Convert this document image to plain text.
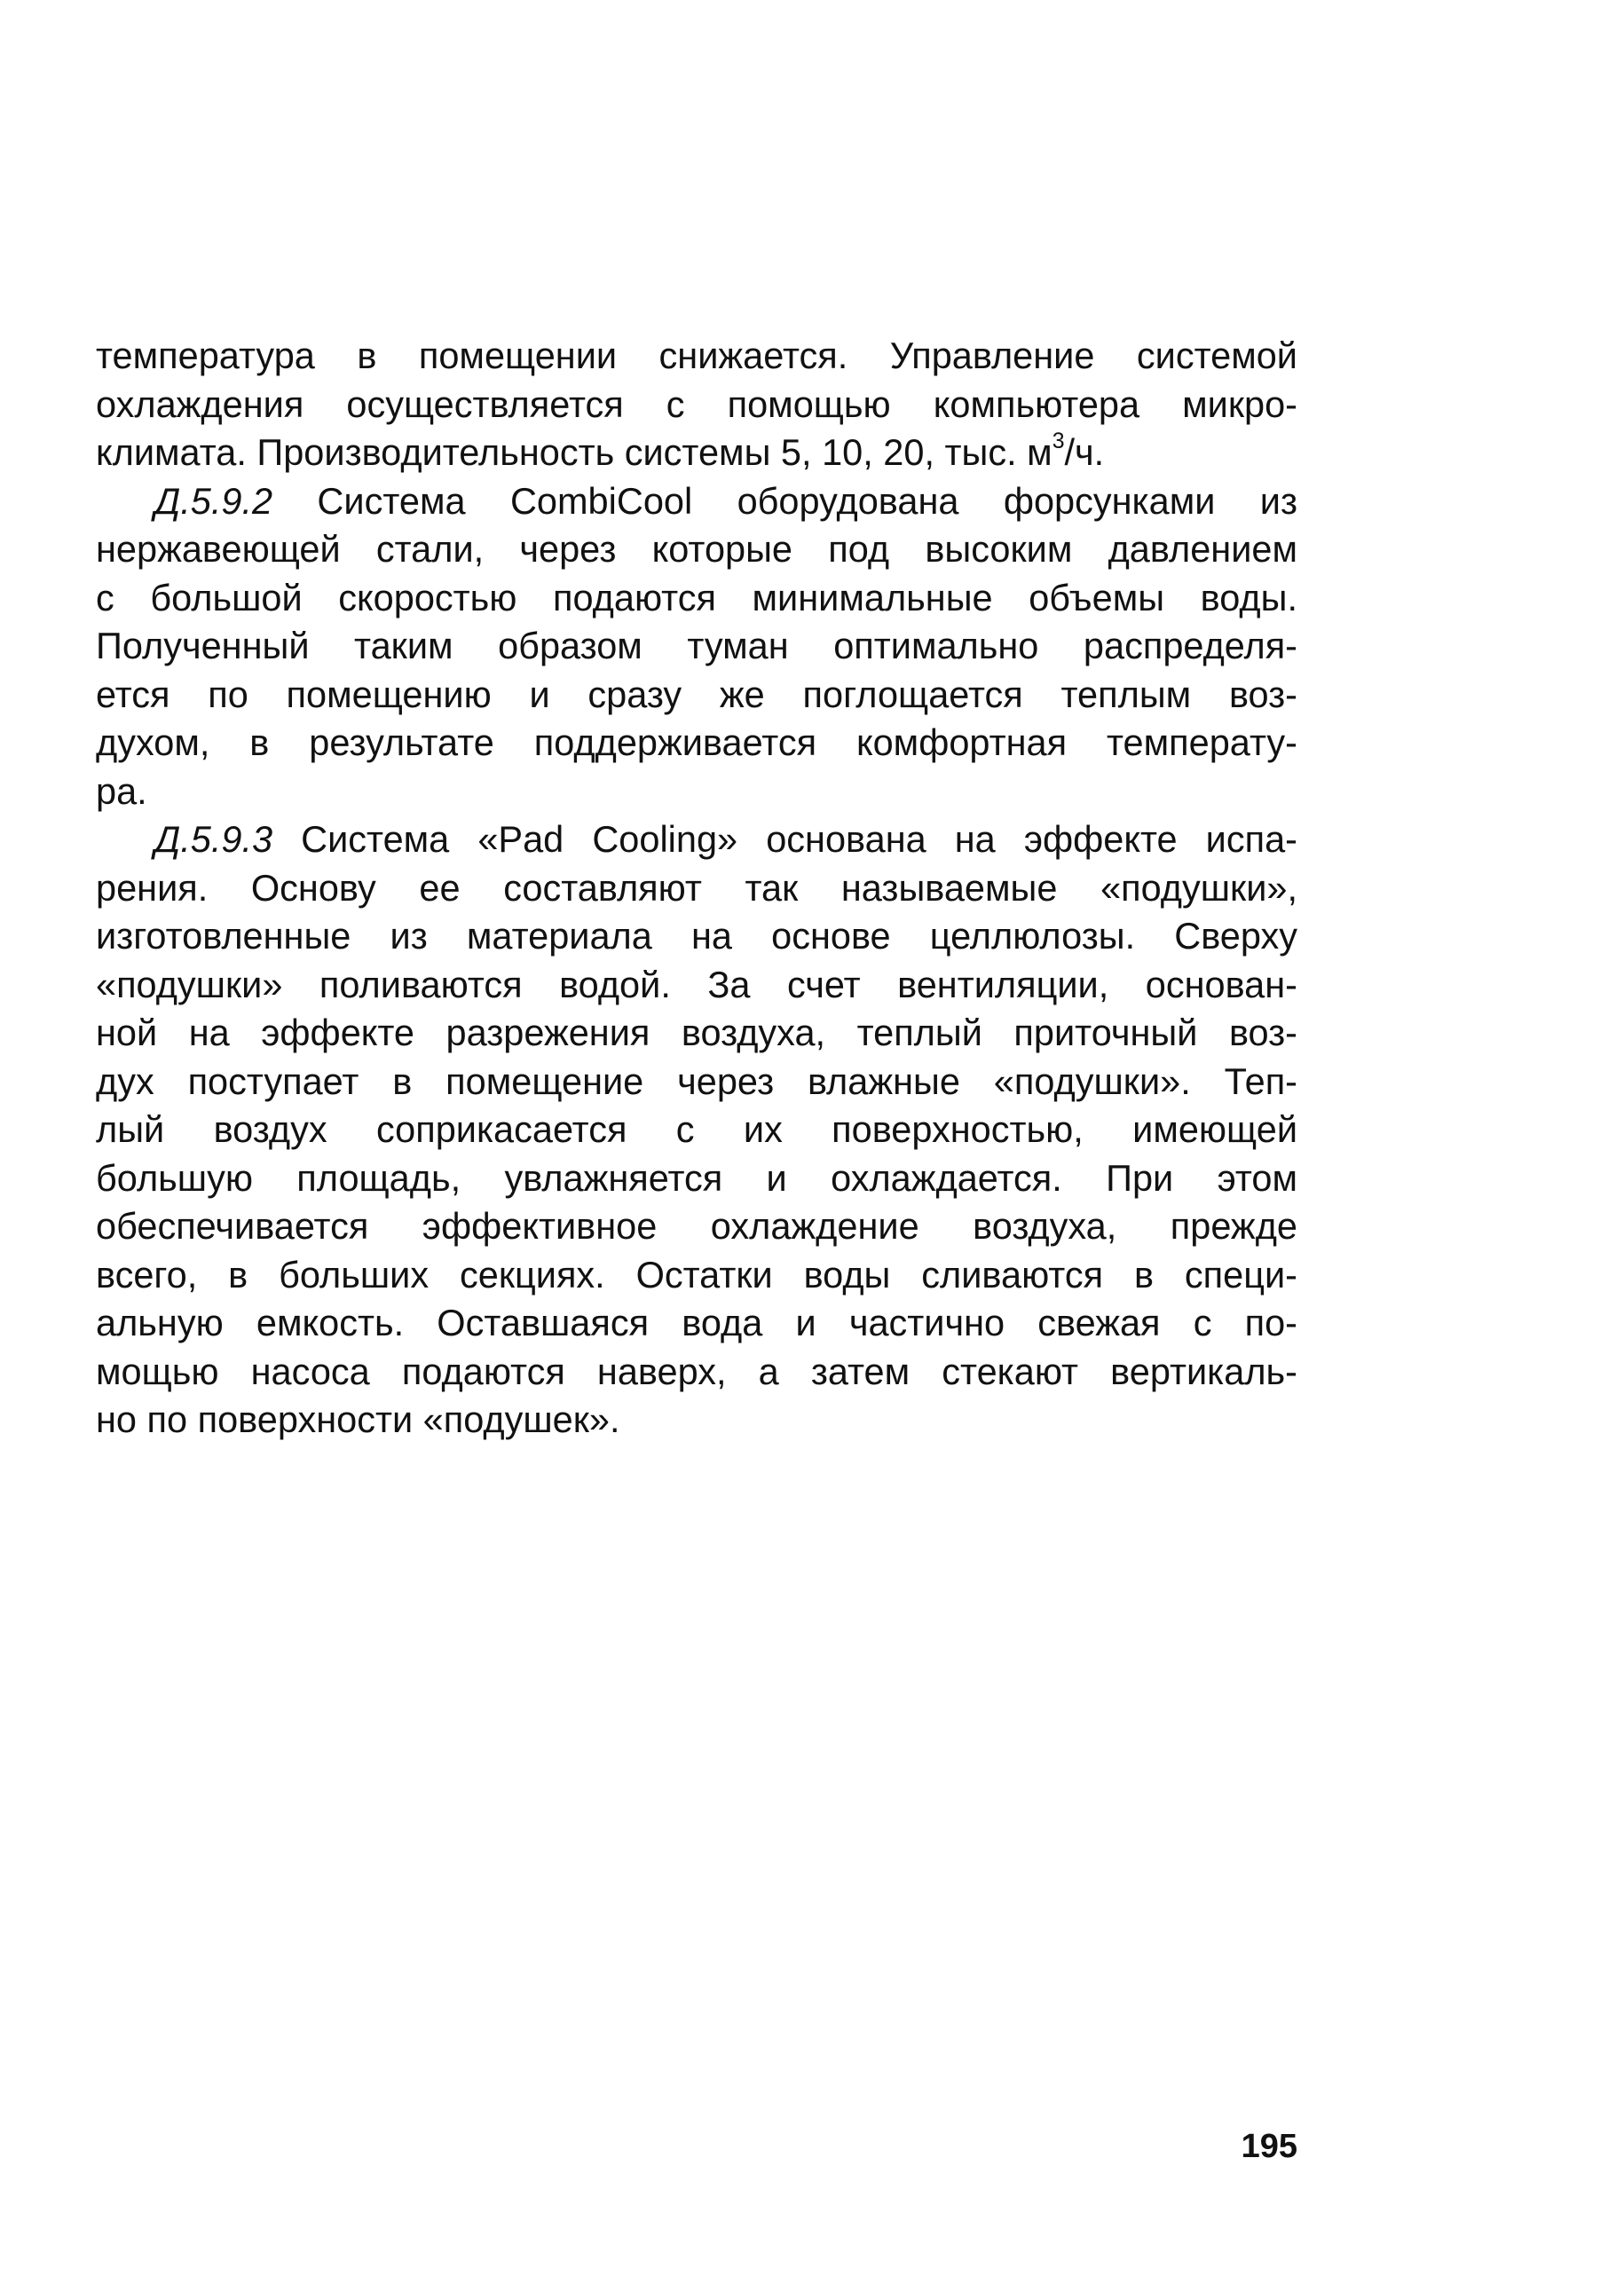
температура в помещении снижается. Управление системой
охлаждения осуществляется с помощью компьютера микро-
климата. Производительность системы 5, 10, 20, тыс. $м^3/ч$.
Д.5.9.2 Система CombiCool оборудована форсунками из
нержавеющей стали, через которые под высоким давлением
с большой скоростью подаются минимальные объемы воды.
Полученный таким образом туман оптимально распределя-
ется по помещению и сразу же поглощается теплым воз-
духом, в результате поддерживается комфортная температу-
ра.
Д.5.9.3 Система «Pad Cooling» основана на эффекте испа-
рения. Основу ее составляют так называемые «подушки»,
изготовленные из материала на основе целлюлозы. Сверху
«подушки» поливаются водой. За счет вентиляции, основан-
ной на эффекте разрежения воздуха, теплый приточный воз-
дух поступает в помещение через влажные «подушки». Теп-
лый воздух соприкасается с их поверхностью, имеющей
большую площадь, увлажняется и охлаждается. При этом
обеспечивается эффективное охлаждение воздуха, прежде
всего, в больших секциях. Остатки воды сливаются в специ-
альную емкость. Оставшаяся вода и частично свежая с по-
мощью насоса подаются наверх, а затем стекают вертикаль-
но по поверхности «подушек».
195
